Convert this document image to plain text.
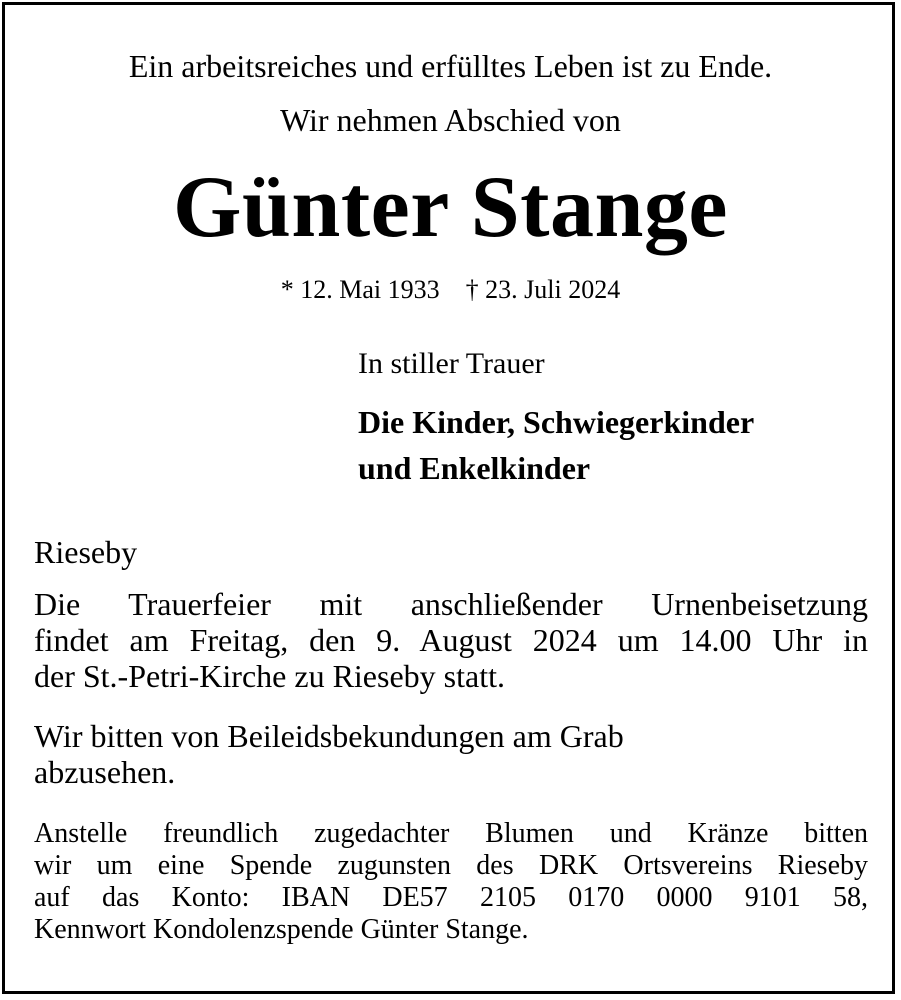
Ein arbeitsreiches und erfülltes Leben ist zu Ende.

Wir nehmen Abschied von

Günter Stange

* 12. Mai 1933 † 23. Juli 2024

In stiller Trauer

Die Kinder, Schwiegerkinder

und Enkelkinder

Rieseby

Die Trauerfeier mit anschließender Urnenbeisetzung
findet am Freitag, den 9. August 2024 um 14.00 Uhr in
der St.-Petri-Kirche zu Rieseby statt.
Wir bitten von Beileidsbekundungen am Grab
abzusehen.
Anstelle freundlich zugedachter Blumen und Kränze bitten
wir um eine Spende zugunsten des DRK Ortsvereins Rieseby
auf das Konto: IBAN DE57 2105 0170 0000 9101 58,
Kennwort Kondolenzspende Günter Stange.
